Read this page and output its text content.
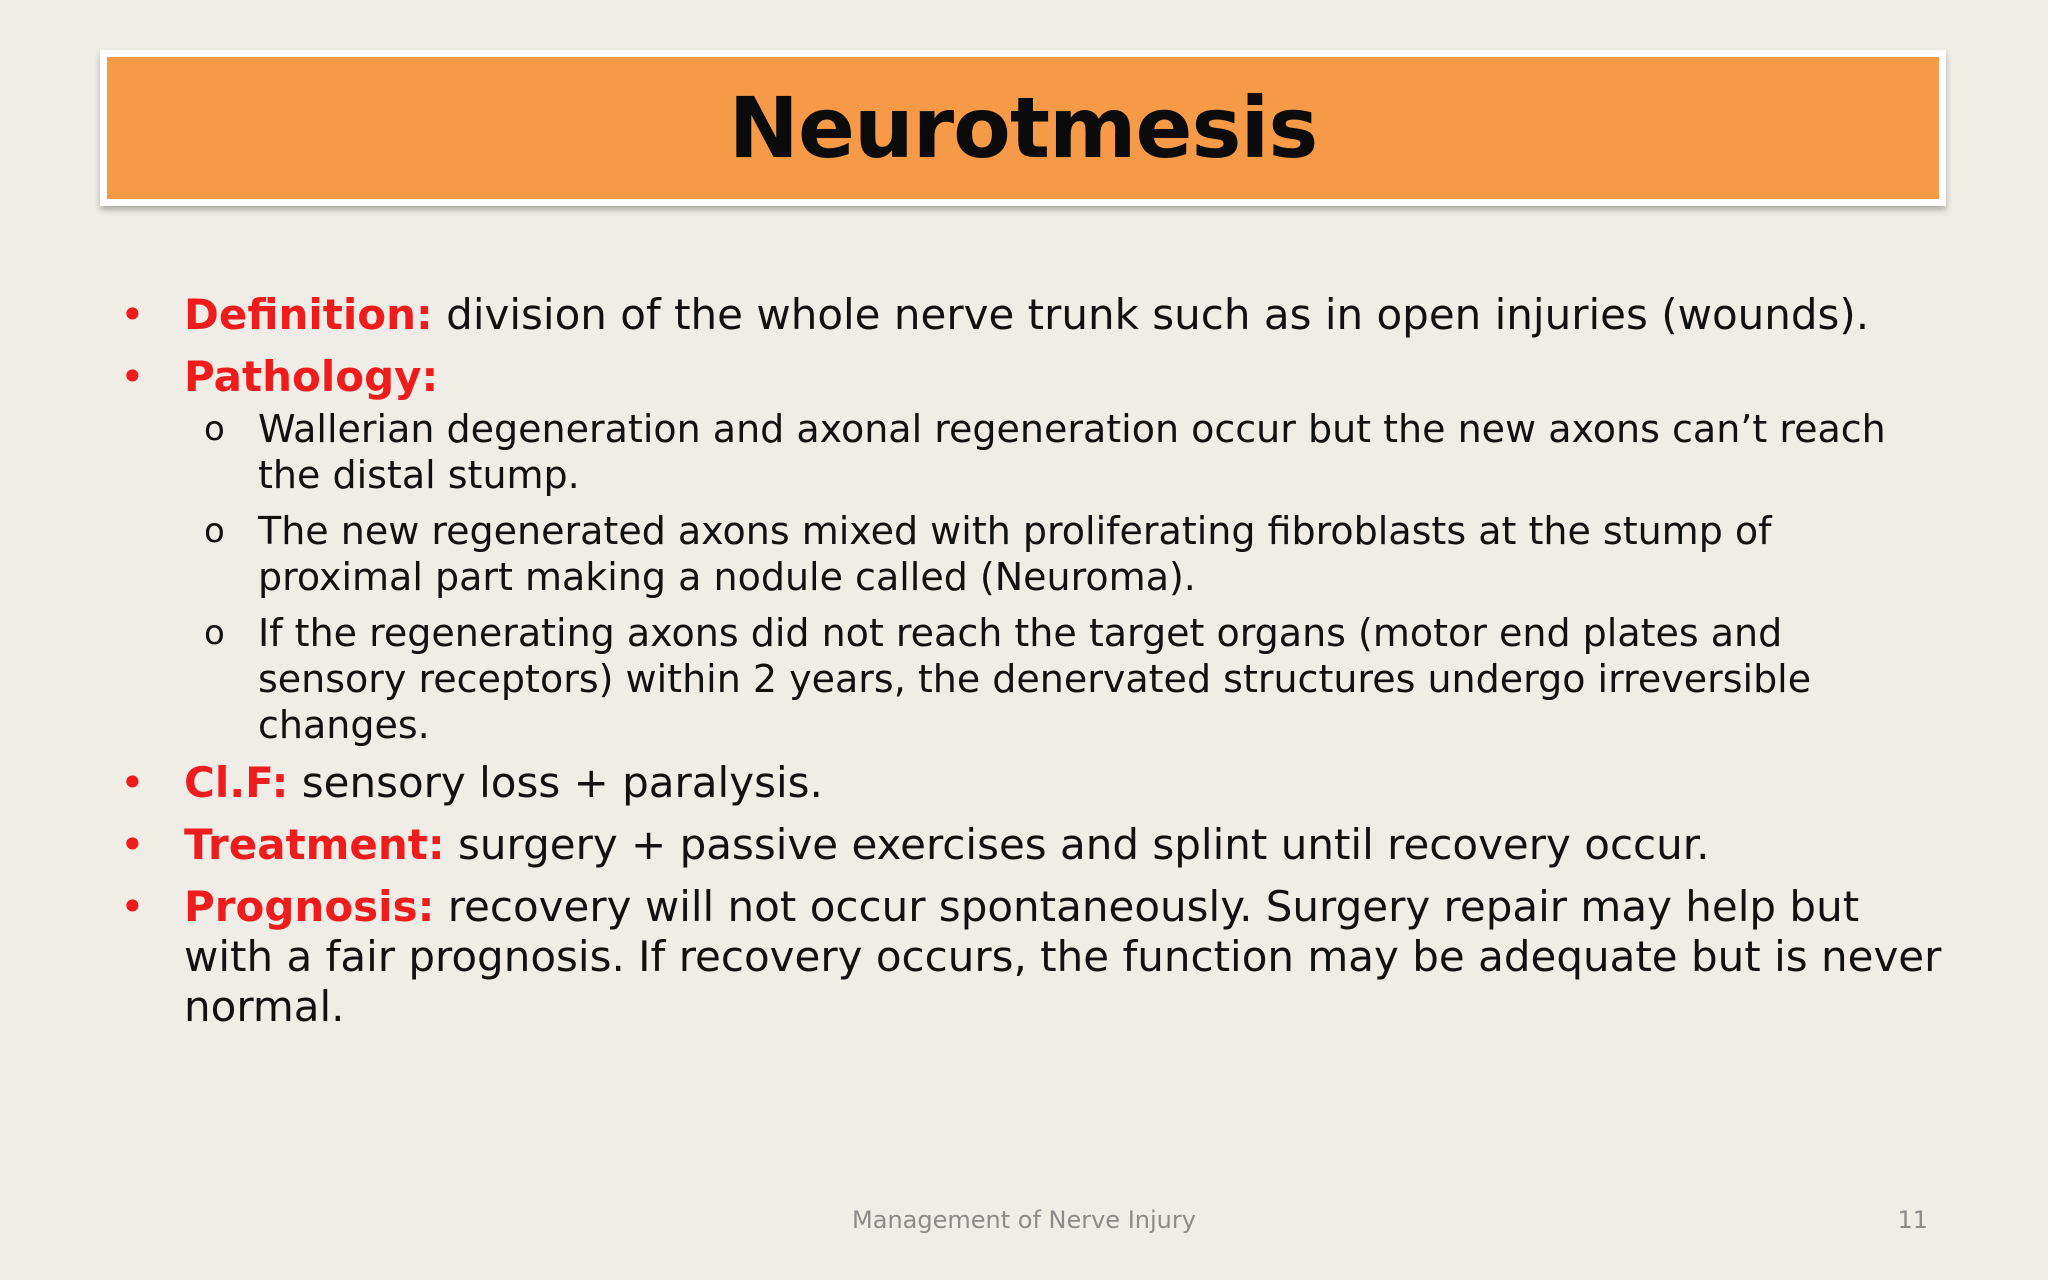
Neurotmesis
• Definition: division of the whole nerve trunk such as in open injuries (wounds).
• Pathology:
o Wallerian degeneration and axonal regeneration occur but the new axons can’t reach the distal stump.
o The new regenerated axons mixed with proliferating fibroblasts at the stump of proximal part making a nodule called (Neuroma).
o If the regenerating axons did not reach the target organs (motor end plates and sensory receptors) within 2 years, the denervated structures undergo irreversible changes.
• Cl.F: sensory loss + paralysis.
• Treatment: surgery + passive exercises and splint until recovery occur.
• Prognosis: recovery will not occur spontaneously. Surgery repair may help but with a fair prognosis. If recovery occurs, the function may be adequate but is never normal.
Management of Nerve Injury	11
